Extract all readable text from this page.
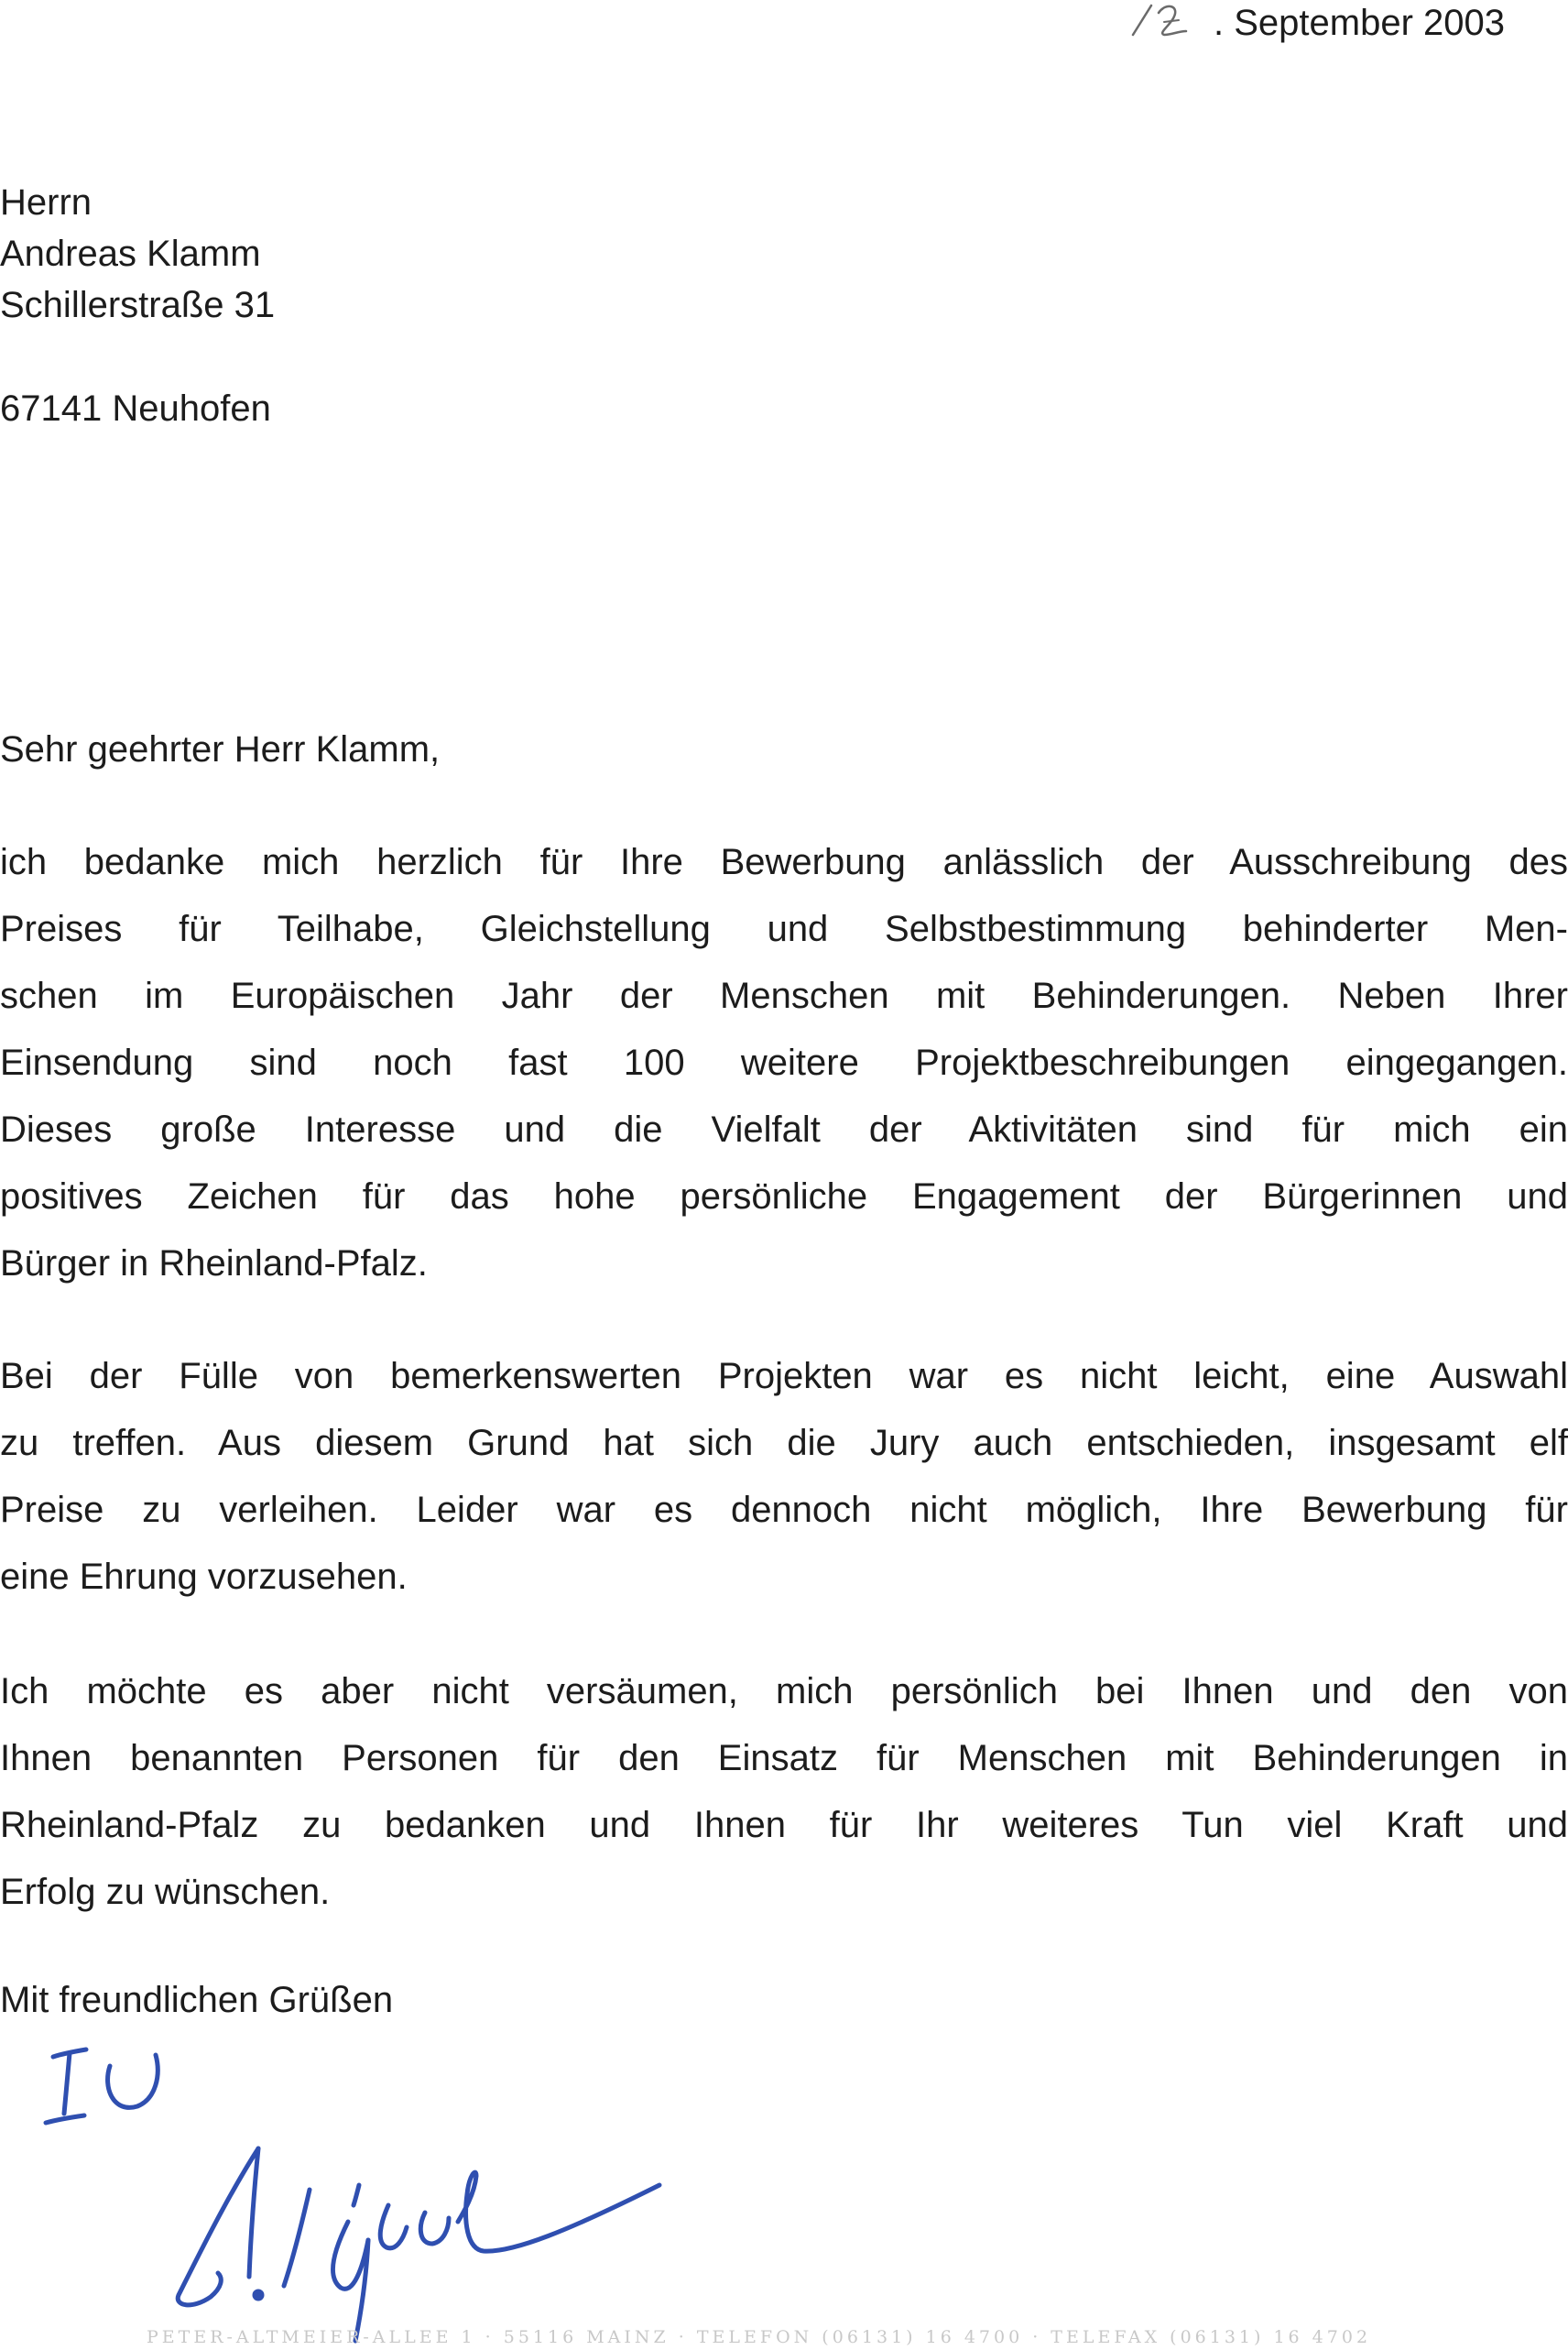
. September 2003
Herrn
Andreas Klamm
Schillerstraße 31
67141 Neuhofen
Sehr geehrter Herr Klamm,
ich bedanke mich herzlich für Ihre Bewerbung anlässlich der Ausschreibung des
Preises für Teilhabe, Gleichstellung und Selbstbestimmung behinderter Men-
schen im Europäischen Jahr der Menschen mit Behinderungen. Neben Ihrer
Einsendung sind noch fast 100 weitere Projektbeschreibungen eingegangen.
Dieses große Interesse und die Vielfalt der Aktivitäten sind für mich ein
positives Zeichen für das hohe persönliche Engagement der Bürgerinnen und
Bürger in Rheinland-Pfalz.
Bei der Fülle von bemerkenswerten Projekten war es nicht leicht, eine Auswahl
zu treffen. Aus diesem Grund hat sich die Jury auch entschieden, insgesamt elf
Preise zu verleihen. Leider war es dennoch nicht möglich, Ihre Bewerbung für
eine Ehrung vorzusehen.
Ich möchte es aber nicht versäumen, mich persönlich bei Ihnen und den von
Ihnen benannten Personen für den Einsatz für Menschen mit Behinderungen in
Rheinland-Pfalz zu bedanken und Ihnen für Ihr weiteres Tun viel Kraft und
Erfolg zu wünschen.
Mit freundlichen Grüßen
PETER-ALTMEIER-ALLEE 1 · 55116 MAINZ · TELEFON (06131) 16 4700 · TELEFAX (06131) 16 4702
